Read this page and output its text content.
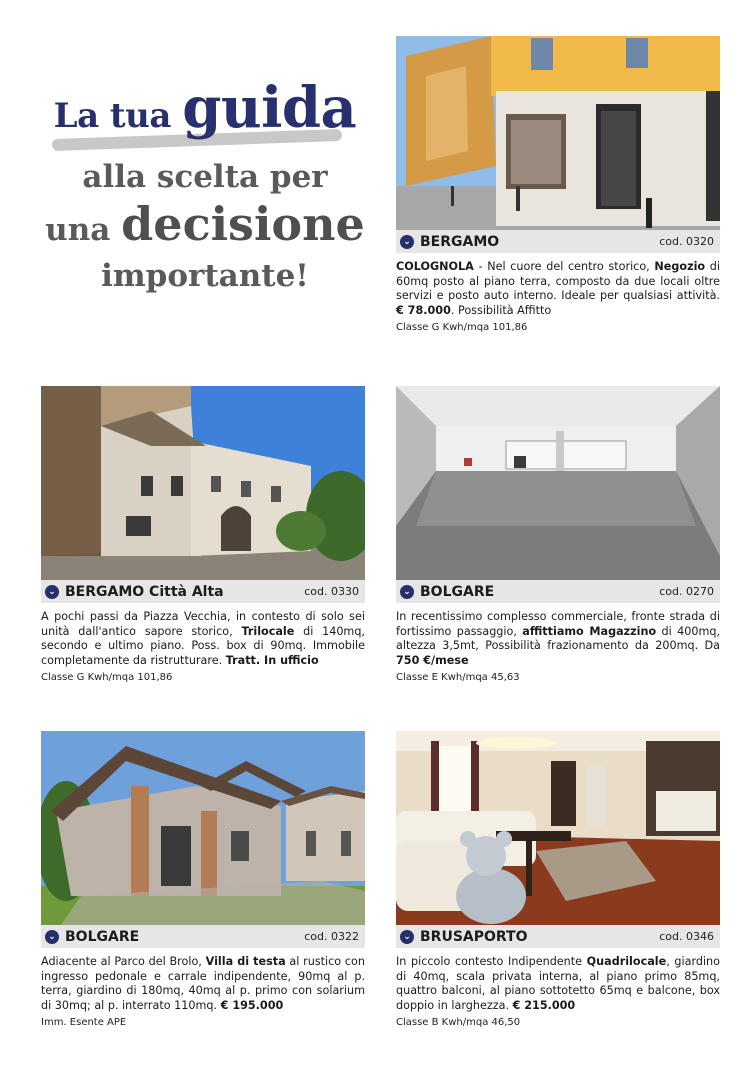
La tua guida
alla scelta per
una decisione
importante!
⌄ BERGAMO	cod. 0320
COLOGNOLA - Nel cuore del centro storico, Negozio di 60mq posto al piano terra, composto da due locali oltre servizi e posto auto interno. Ideale per qualsiasi attività. € 78.000. Possibilità Affitto
Classe G Kwh/mqa 101,86
⌄ BERGAMO Città Alta	cod. 0330
A pochi passi da Piazza Vecchia, in contesto di solo sei unità dall'antico sapore storico, Trilocale di 140mq, secondo e ultimo piano. Poss. box di 90mq. Immobile completamente da ristrutturare. Tratt. In ufficio
Classe G Kwh/mqa 101,86
⌄ BOLGARE	cod. 0270
In recentissimo complesso commerciale, fronte strada di fortissimo passaggio, affittiamo Magazzino di 400mq, altezza 3,5mt, Possibilità frazionamento da 200mq. Da 750 €/mese
Classe E Kwh/mqa 45,63
⌄ BOLGARE	cod. 0322
Adiacente al Parco del Brolo, Villa di testa al rustico con ingresso pedonale e carrale indipendente, 90mq al p. terra, giardino di 180mq, 40mq al p. primo con solarium di 30mq; al p. interrato 110mq. € 195.000
Imm. Esente APE
⌄ BRUSAPORTO	cod. 0346
In piccolo contesto Indipendente Quadrilocale, giardino di 40mq, scala privata interna, al piano primo 85mq, quattro balconi, al piano sottotetto 65mq e balcone, box doppio in larghezza. € 215.000
Classe B Kwh/mqa 46,50
